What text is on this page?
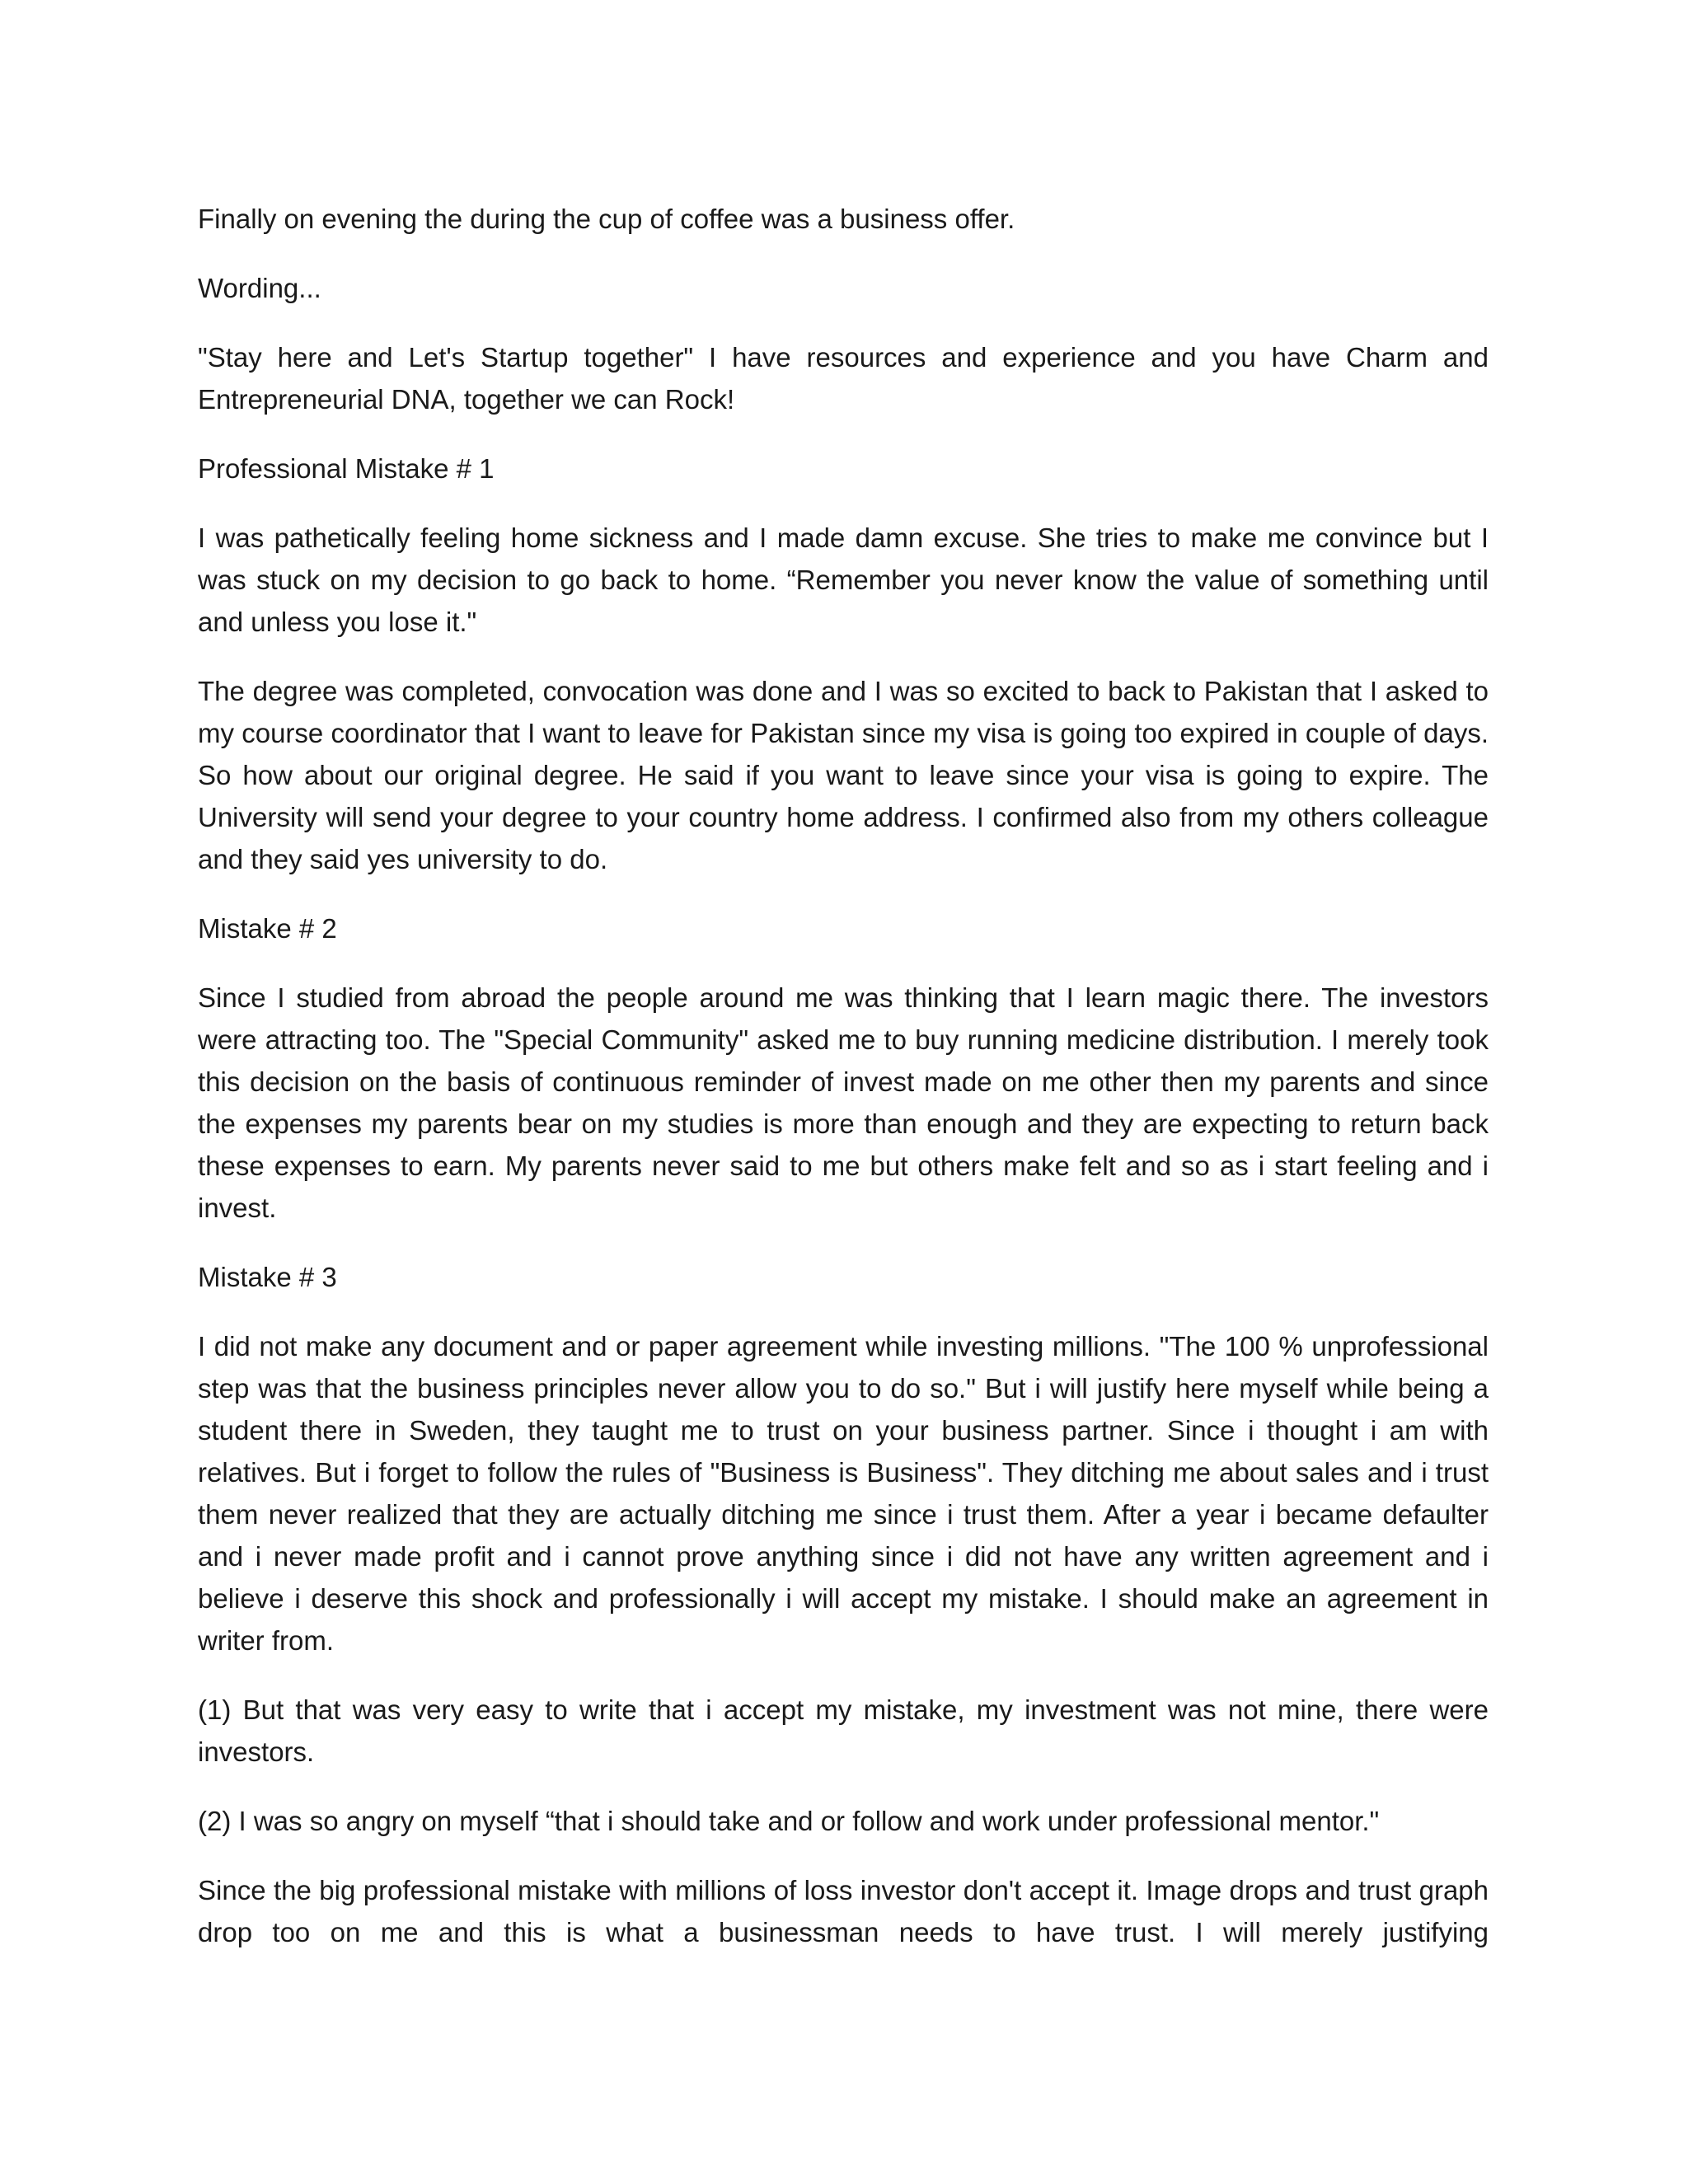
Finally on evening the during the cup of coffee was a business offer.

Wording...

"Stay here and Let's Startup together" I have resources and experience and you have Charm and Entrepreneurial DNA, together we can Rock!

Professional Mistake # 1

I was pathetically feeling home sickness and I made damn excuse. She tries to make me convince but I was stuck on my decision to go back to home. “Remember you never know the value of something until and unless you lose it."

The degree was completed, convocation was done and I was so excited to back to Pakistan that I asked to my course coordinator that I want to leave for Pakistan since my visa is going too expired in couple of days. So how about our original degree. He said if you want to leave since your visa is going to expire. The University will send your degree to your country home address. I confirmed also from my others colleague and they said yes university to do.

Mistake # 2

Since I studied from abroad the people around me was thinking that I learn magic there. The investors were attracting too. The "Special Community" asked me to buy running medicine distribution. I merely took this decision on the basis of continuous reminder of invest made on me other then my parents and since the expenses my parents bear on my studies is more than enough and they are expecting to return back these expenses to earn. My parents never said to me but others make felt and so as i start feeling and i invest.

Mistake # 3

I did not make any document and or paper agreement while investing millions. "The 100 % unprofessional step was that the business principles never allow you to do so." But i will justify here myself while being a student there in Sweden, they taught me to trust on your business partner. Since i thought i am with relatives. But i forget to follow the rules of "Business is Business". They ditching me about sales and i trust them never realized that they are actually ditching me since i trust them. After a year i became defaulter and i never made profit and i cannot prove anything since i did not have any written agreement and i believe i deserve this shock and professionally i will accept my mistake. I should make an agreement in writer from.

(1) But that was very easy to write that i accept my mistake, my investment was not mine, there were investors.

(2) I was so angry on myself “that i should take and or follow and work under professional mentor."

Since the big professional mistake with millions of loss investor don't accept it. Image drops and trust graph drop too on me and this is what a businessman needs to have trust. I will merely justifying
